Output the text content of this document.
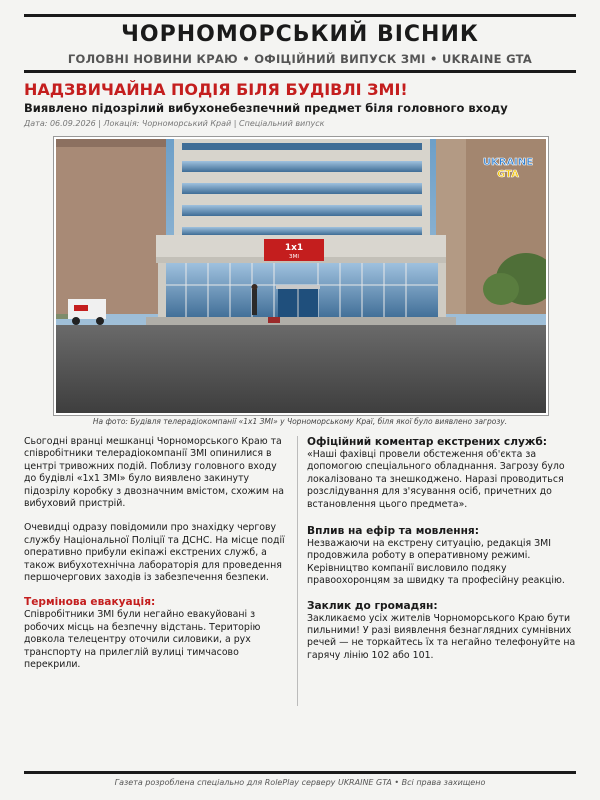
ЧОРНОМОРСЬКИЙ ВІСНИК
ГОЛОВНІ НОВИНИ КРАЮ • ОФІЦІЙНИЙ ВИПУСК ЗМІ • UKRAINE GTA
НАДЗВИЧАЙНА ПОДІЯ БІЛЯ БУДІВЛІ ЗМІ!
Виявлено підозрілий вибухонебезпечний предмет біля головного входу
Дата: 06.09.2026 | Локація: Чорноморський Край | Спеціальний випуск
1x1
ЗМІ
UKRAINE
GTA
На фото: Будівля телерадіокомпанії «1х1 ЗМІ» у Чорноморському Краї, біля якої було виявлено загрозу.

Сьогодні вранці мешканці Чорноморського Краю та співробітники телерадіокомпанії ЗМІ опинилися в центрі тривожних подій. Поблизу головного входу до будівлі «1х1 ЗМІ» було виявлено закинуту підозрілу коробку з двозначним вмістом, схожим на вибуховий пристрій.

Очевидці одразу повідомили про знахідку чергову службу Національної Поліції та ДСНС. На місце події оперативно прибули екіпажі екстрених служб, а також вибухотехнічна лабораторія для проведення першочергових заходів із забезпечення безпеки.

Термінова евакуація:

Співробітники ЗМІ були негайно евакуйовані з робочих місць на безпечну відстань. Територію довкола телецентру оточили силовики, а рух транспорту на прилеглій вулиці тимчасово перекрили.

Офіційний коментар екстрених служб:

«Наші фахівці провели обстеження об'єкта за допомогою спеціального обладнання. Загрозу було локалізовано та знешкоджено. Наразі проводиться розслідування для з'ясування осіб, причетних до встановлення цього предмета».

Вплив на ефір та мовлення:

Незважаючи на екстрену ситуацію, редакція ЗМІ продовжила роботу в оперативному режимі. Керівництво компанії висловило подяку правоохоронцям за швидку та професійну реакцію.

Заклик до громадян:

Закликаємо усіх жителів Чорноморського Краю бути пильними! У разі виявлення безнаглядних сумнівних речей — не торкайтесь їх та негайно телефонуйте на гарячу лінію 102 або 101.

Газета розроблена спеціально для RolePlay серверу UKRAINE GTA • Всі права захищено
